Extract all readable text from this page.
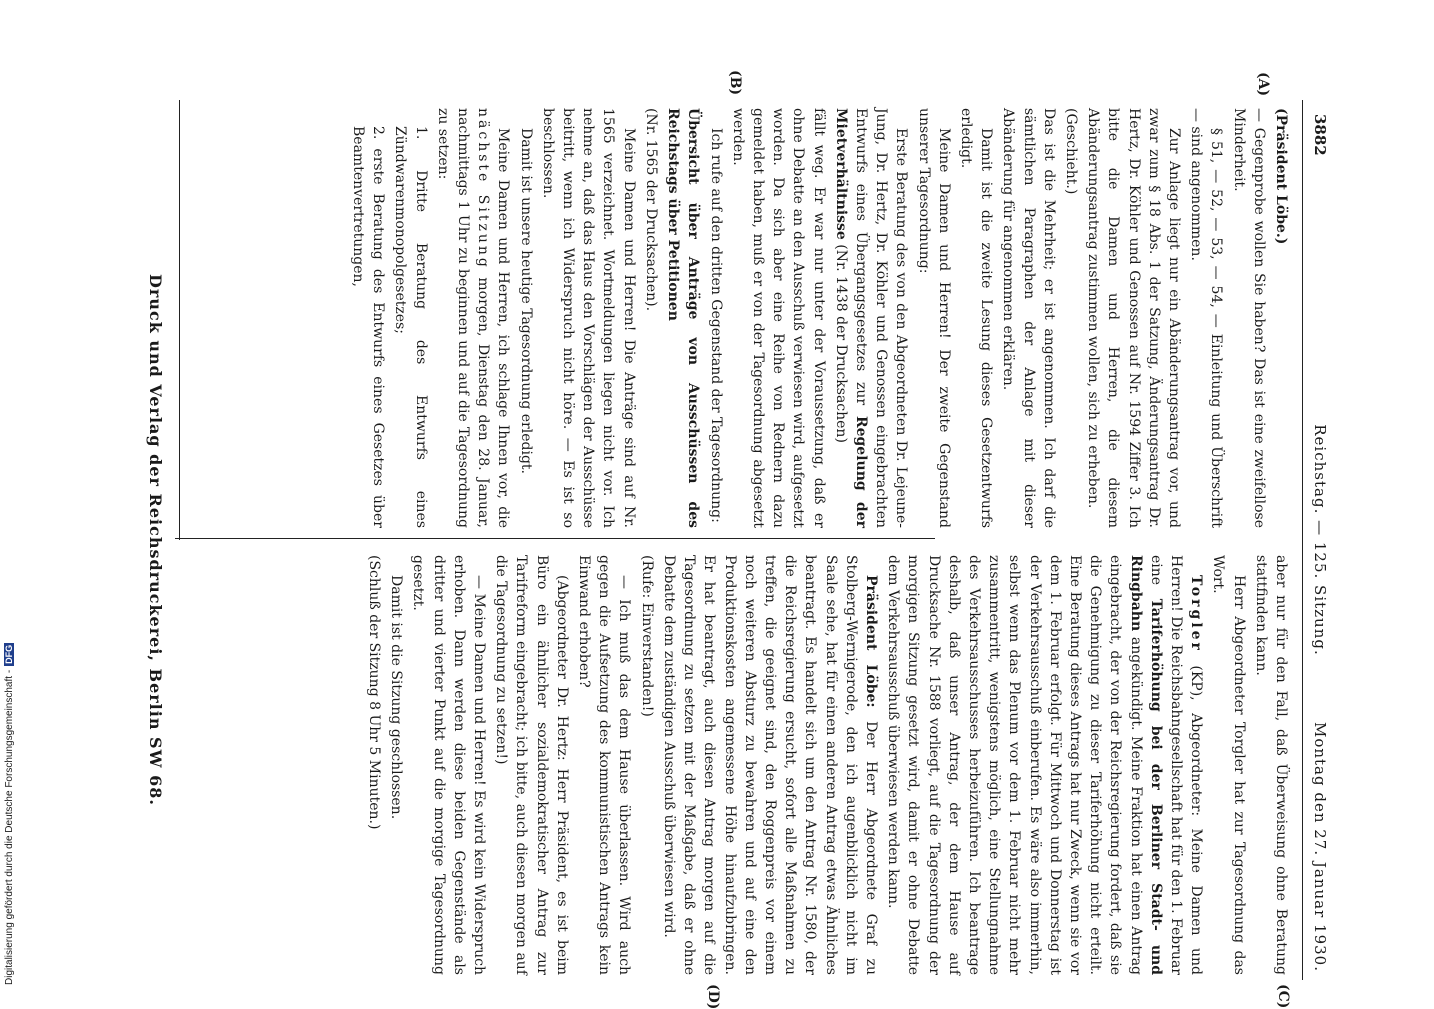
3882
Reichstag. — 125. Sitzung.
Montag den 27. Januar 1930.
(A)
(B)
(C)
(D)

(Präsident Löbe.)

— Gegenprobe wollen Sie haben? Das ist eine zweifellose Minderheit.

§ 51, — 52, — 53, — 54, — Einleitung und Überschrift — sind angenommen.

Zur Anlage liegt nur ein Abänderungsantrag vor, und zwar zum § 18 Abs. 1 der Satzung, Änderungsantrag Dr. Hertz, Dr. Köhler und Genossen auf Nr. 1594 Ziffer 3. Ich bitte die Damen und Herren, die diesem Abänderungsantrag zustimmen wollen, sich zu erheben.

(Geschieht.)

Das ist die Mehrheit; er ist angenommen. Ich darf die sämtlichen Paragraphen der Anlage mit dieser Abänderung für angenommen erklären.

Damit ist die zweite Lesung dieses Gesetzentwurfs erledigt.

Meine Damen und Herren! Der zweite Gegenstand unserer Tagesordnung:

Erste Beratung des von den Abgeordneten Dr. Lejeune-Jung, Dr. Hertz, Dr. Köhler und Genossen eingebrachten Entwurfs eines Übergangsgesetzes zur Regelung der Mietverhältnisse (Nr. 1438 der Drucksachen)

fällt weg. Er war nur unter der Voraussetzung, daß er ohne Debatte an den Ausschuß verwiesen wird, aufgesetzt worden. Da sich aber eine Reihe von Rednern dazu gemeldet haben, muß er von der Tagesordnung abgesetzt werden.

Ich rufe auf den dritten Gegenstand der Tagesordnung:

Übersicht über Anträge von Ausschüssen des Reichstags über Petitionen

(Nr. 1565 der Drucksachen).

Meine Damen und Herren! Die Anträge sind auf Nr. 1565 verzeichnet. Wortmeldungen liegen nicht vor. Ich nehme an, daß das Haus den Vorschlägen der Ausschüsse beitritt, wenn ich Widerspruch nicht höre. — Es ist so beschlossen.

Damit ist unsere heutige Tagesordnung erledigt.

Meine Damen und Herren, ich schlage Ihnen vor, die nächste Sitzung morgen, Dienstag den 28. Januar, nachmittags 1 Uhr zu beginnen und auf die Tagesordnung zu setzen:

1. Dritte Beratung des Entwurfs eines Zündwarenmonopolgesetzes;

2. erste Beratung des Entwurfs eines Gesetzes über Beamtenvertretungen,

aber nur für den Fall, daß Überweisung ohne Beratung stattfinden kann.

Herr Abgeordneter Torgler hat zur Tagesordnung das Wort.

Torgler (KP), Abgeordneter: Meine Damen und Herren! Die Reichsbahngesellschaft hat für den 1. Februar eine Tariferhöhung bei der Berliner Stadt- und Ringbahn angekündigt. Meine Fraktion hat einen Antrag eingebracht, der von der Reichsregierung fordert, daß sie die Genehmigung zu dieser Tariferhöhung nicht erteilt. Eine Beratung dieses Antrags hat nur Zweck, wenn sie vor dem 1. Februar erfolgt. Für Mittwoch und Donnerstag ist der Verkehrsausschuß einberufen. Es wäre also immerhin, selbst wenn das Plenum vor dem 1. Februar nicht mehr zusammentritt, wenigstens möglich, eine Stellungnahme des Verkehrsausschusses herbeizuführen. Ich beantrage deshalb, daß unser Antrag, der dem Hause auf Drucksache Nr. 1588 vorliegt, auf die Tagesordnung der morgigen Sitzung gesetzt wird, damit er ohne Debatte dem Verkehrsausschuß überwiesen werden kann.

Präsident Löbe: Der Herr Abgeordnete Graf zu Stolberg-Wernigerode, den ich augenblicklich nicht im Saale sehe, hat für einen anderen Antrag etwas Ähnliches beantragt. Es handelt sich um den Antrag Nr. 1580, der die Reichsregierung ersucht, sofort alle Maßnahmen zu treffen, die geeignet sind, den Roggenpreis vor einem noch weiteren Absturz zu bewahren und auf eine den Produktionskosten angemessene Höhe hinaufzubringen. Er hat beantragt, auch diesen Antrag morgen auf die Tagesordnung zu setzen mit der Maßgabe, daß er ohne Debatte dem zuständigen Ausschuß überwiesen wird.

(Rufe: Einverstanden!)

— Ich muß das dem Hause überlassen. Wird auch gegen die Aufsetzung des kommunistischen Antrags kein Einwand erhoben?

(Abgeordneter Dr. Hertz: Herr Präsident, es ist beim Büro ein ähnlicher sozialdemokratischer Antrag zur Tarifreform eingebracht; ich bitte, auch diesen morgen auf die Tagesordnung zu setzen!)

— Meine Damen und Herren! Es wird kein Widerspruch erhoben. Dann werden diese beiden Gegenstände als dritter und vierter Punkt auf die morgige Tagesordnung gesetzt.

Damit ist die Sitzung geschlossen.

(Schluß der Sitzung 8 Uhr 5 Minuten.)

Druck und Verlag der Reichsdruckerei, Berlin SW 68.
Digitalisierung gefördert durch die Deutsche Forschungsgemeinschaft -DFG
